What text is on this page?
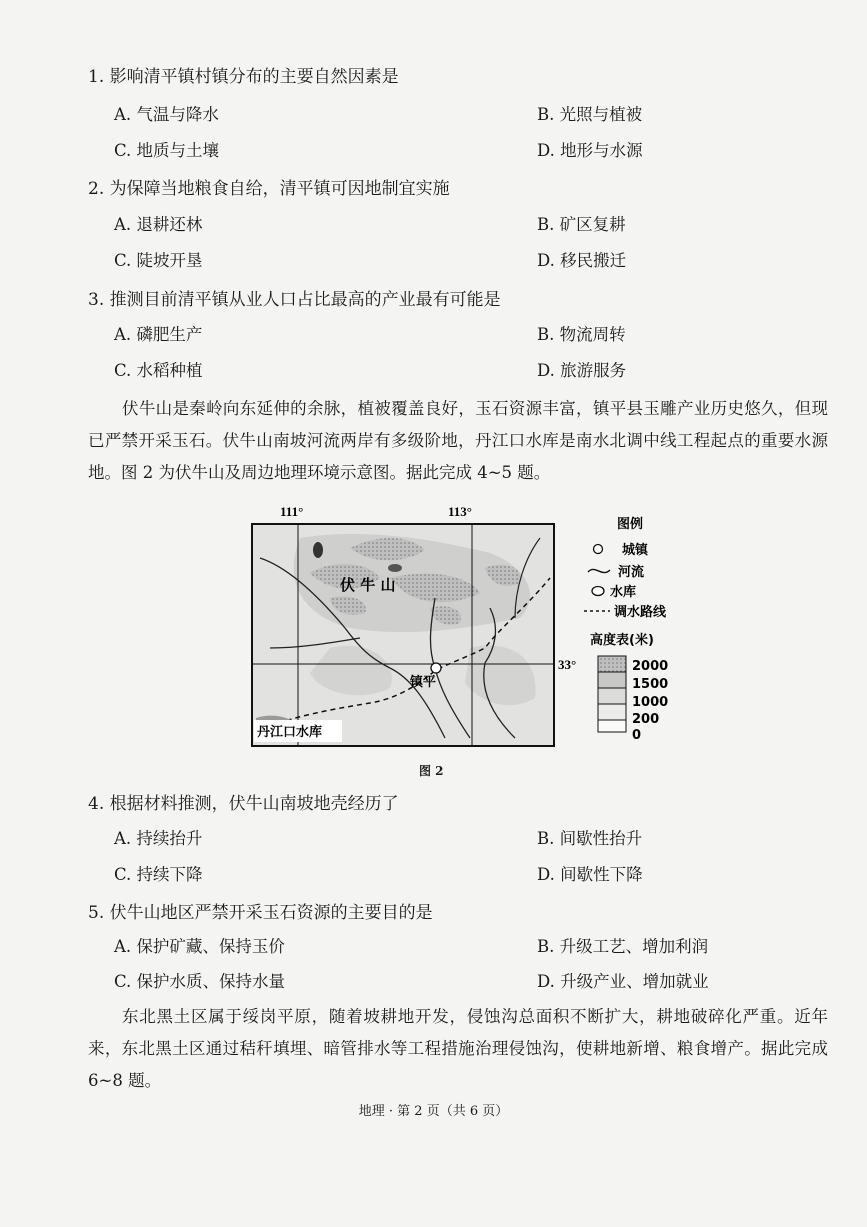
1. 影响清平镇村镇分布的主要自然因素是
A. 气温与降水	B. 光照与植被
C. 地质与土壤	D. 地形与水源
2. 为保障当地粮食自给，清平镇可因地制宜实施
A. 退耕还林	B. 矿区复耕
C. 陡坡开垦	D. 移民搬迁
3. 推测目前清平镇从业人口占比最高的产业最有可能是
A. 磷肥生产	B. 物流周转
C. 水稻种植	D. 旅游服务
伏牛山是秦岭向东延伸的余脉，植被覆盖良好，玉石资源丰富，镇平县玉雕产业历史悠久，但现已严禁开采玉石。伏牛山南坡河流两岸有多级阶地，丹江口水库是南水北调中线工程起点的重要水源地。图 2 为伏牛山及周边地理环境示意图。据此完成 4~5 题。
111°	113°
33°
伏 牛 山
镇平
丹江口水库
图例
城镇
河流
水库
调水路线
高度表(米)
2000
1500
1000
200
0
图 2
4. 根据材料推测，伏牛山南坡地壳经历了
A. 持续抬升	B. 间歇性抬升
C. 持续下降	D. 间歇性下降
5. 伏牛山地区严禁开采玉石资源的主要目的是
A. 保护矿藏、保持玉价	B. 升级工艺、增加利润
C. 保护水质、保持水量	D. 升级产业、增加就业
东北黑土区属于绥岗平原，随着坡耕地开发，侵蚀沟总面积不断扩大，耕地破碎化严重。近年来，东北黑土区通过秸秆填埋、暗管排水等工程措施治理侵蚀沟，使耕地新增、粮食增产。据此完成 6~8 题。
地理 · 第 2 页（共 6 页）
